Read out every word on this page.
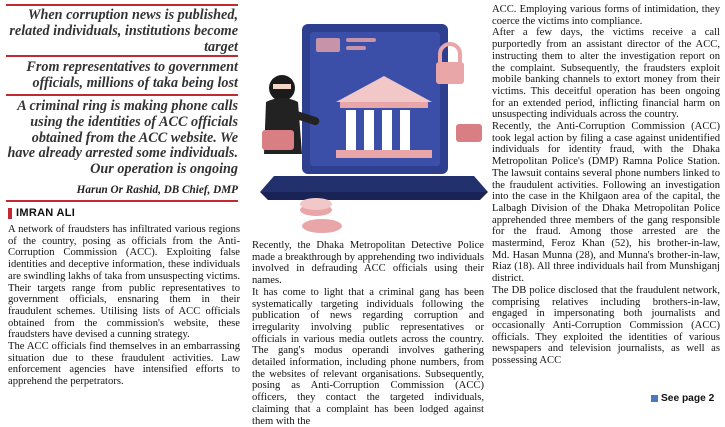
When corruption news is published, related individuals, institutions become target
From representatives to government officials, millions of taka being lost
A criminal ring is making phone calls using the identities of ACC officials obtained from the ACC website. We have already arrested some individuals. Our operation is ongoing
Harun Or Rashid, DB Chief, DMP
IMRAN ALI

A network of fraudsters has infiltrated various regions of the country, posing as officials from the Anti-Corruption Commission (ACC). Exploiting false identities and deceptive information, these individuals are swindling lakhs of taka from unsuspecting victims. Their targets range from public representatives to government officials, ensnaring them in their fraudulent schemes. Utilising lists of ACC officials obtained from the commission's website, these fraudsters have devised a cunning strategy.

The ACC officials find themselves in an embarrassing situation due to these fraudulent activities. Law enforcement agencies have intensified efforts to apprehend the perpetrators.

Recently, the Dhaka Metropolitan Detective Police made a breakthrough by apprehending two individuals involved in defrauding ACC officials using their names.

It has come to light that a criminal gang has been systematically targeting individuals following the publication of news regarding corruption and irregularity involving public representatives or officials in various media outlets across the country. The gang's modus operandi involves gathering detailed information, including phone numbers, from the websites of relevant organisations. Subsequently, posing as Anti-Corruption Commission (ACC) officers, they contact the targeted individuals, claiming that a complaint has been lodged against them with the

ACC. Employing various forms of intimidation, they coerce the victims into compliance.

After a few days, the victims receive a call purportedly from an assistant director of the ACC, instructing them to alter the investigation report on the complaint. Subsequently, the fraudsters exploit mobile banking channels to extort money from their victims. This deceitful operation has been ongoing for an extended period, inflicting financial harm on unsuspecting individuals across the country.

Recently, the Anti-Corruption Commission (ACC) took legal action by filing a case against unidentified individuals for identity fraud, with the Dhaka Metropolitan Police's (DMP) Ramna Police Station. The lawsuit contains several phone numbers linked to the fraudulent activities. Following an investigation into the case in the Khilgaon area of the capital, the Lalbagh Division of the Dhaka Metropolitan Police apprehended three members of the gang responsible for the fraud. Among those arrested are the mastermind, Feroz Khan (52), his brother-in-law, Md. Hasan Munna (28), and Munna's brother-in-law, Riaz (18). All three individuals hail from Munshiganj district.

The DB police disclosed that the fraudulent network, comprising relatives including brothers-in-law, engaged in impersonating both journalists and occasionally Anti-Corruption Commission (ACC) officials. They exploited the identities of various newspapers and television journalists, as well as possessing ACC

See page 2
